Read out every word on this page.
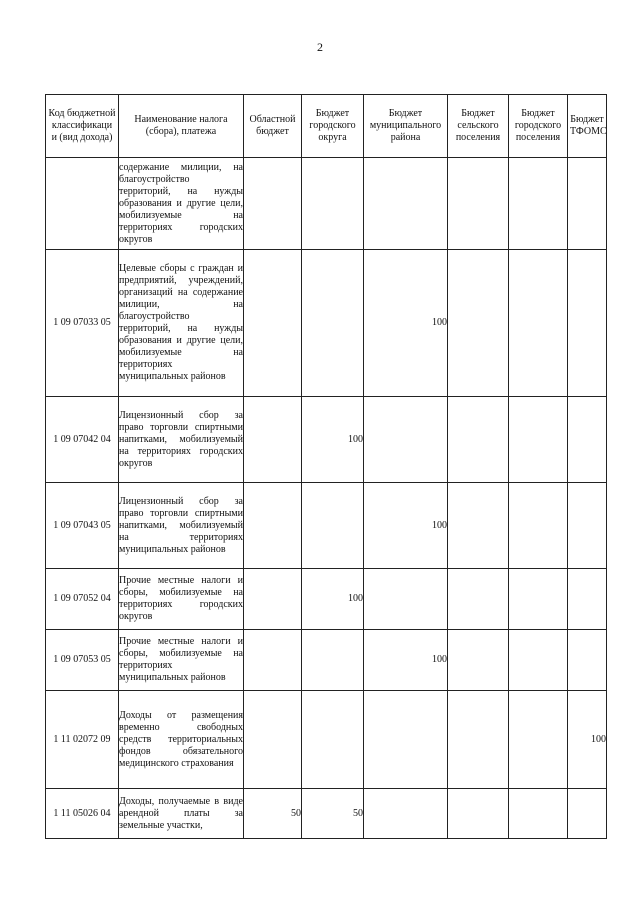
2
Код бюджетной классификаци и (вид дохода)	Наименование налога (сбора), платежа	Областной бюджет	Бюджет городского округа	Бюджет муниципального района	Бюджет сельского поселения	Бюджет городского поселения	Бюджет ТФОМС
	содержание милиции, на благоустройство территорий, на нужды образования и другие цели, мобилизуемые на территориях городских округов						
1 09 07033 05	Целевые сборы с граждан и предприятий, учреждений, организаций на содержание милиции, на благоустройство территорий, на нужды образования и другие цели, мобилизуемые на территориях муниципальных районов			100			
1 09 07042 04	Лицензионный сбор за право торговли спиртными напитками, мобилизуемый на территориях городских округов		100				
1 09 07043 05	Лицензионный сбор за право торговли спиртными напитками, мобилизуемый на территориях муниципальных районов			100			
1 09 07052 04	Прочие местные налоги и сборы, мобилизуемые на территориях городских округов		100				
1 09 07053 05	Прочие местные налоги и сборы, мобилизуемые на территориях муниципальных районов			100			
1 11 02072 09	Доходы от размещения временно свободных средств территориальных фондов обязательного медицинского страхования						100
1 11 05026 04	Доходы, получаемые в виде арендной платы за земельные участки,	50	50				
